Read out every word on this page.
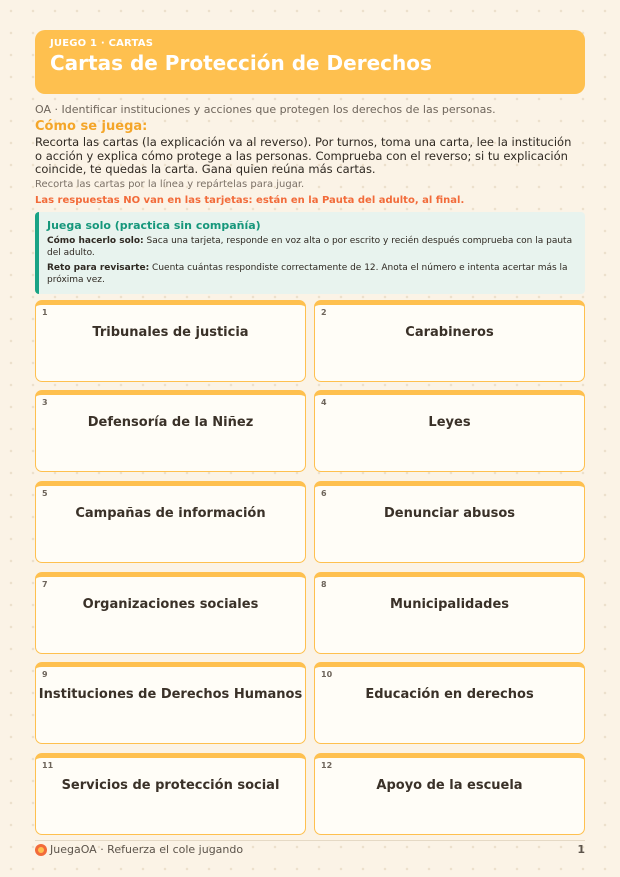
JUEGO 1 · CARTAS
Cartas de Protección de Derechos
OA · Identificar instituciones y acciones que protegen los derechos de las personas.
Cómo se juega:
Recorta las cartas (la explicación va al reverso). Por turnos, toma una carta, lee la institución o acción y explica cómo protege a las personas. Comprueba con el reverso; si tu explicación coincide, te quedas la carta. Gana quien reúna más cartas.
Recorta las cartas por la línea y repártelas para jugar.
Las respuestas NO van en las tarjetas: están en la Pauta del adulto, al final.
Juega solo (practica sin compañía)
Cómo hacerlo solo: Saca una tarjeta, responde en voz alta o por escrito y recién después comprueba con la pauta del adulto.
Reto para revisarte: Cuenta cuántas respondiste correctamente de 12. Anota el número e intenta acertar más la próxima vez.
1
Tribunales de justicia
2
Carabineros
3
Defensoría de la Niñez
4
Leyes
5
Campañas de información
6
Denunciar abusos
7
Organizaciones sociales
8
Municipalidades
9
Instituciones de Derechos Humanos
10
Educación en derechos
11
Servicios de protección social
12
Apoyo de la escuela
JuegaOA · Refuerza el cole jugando	1
